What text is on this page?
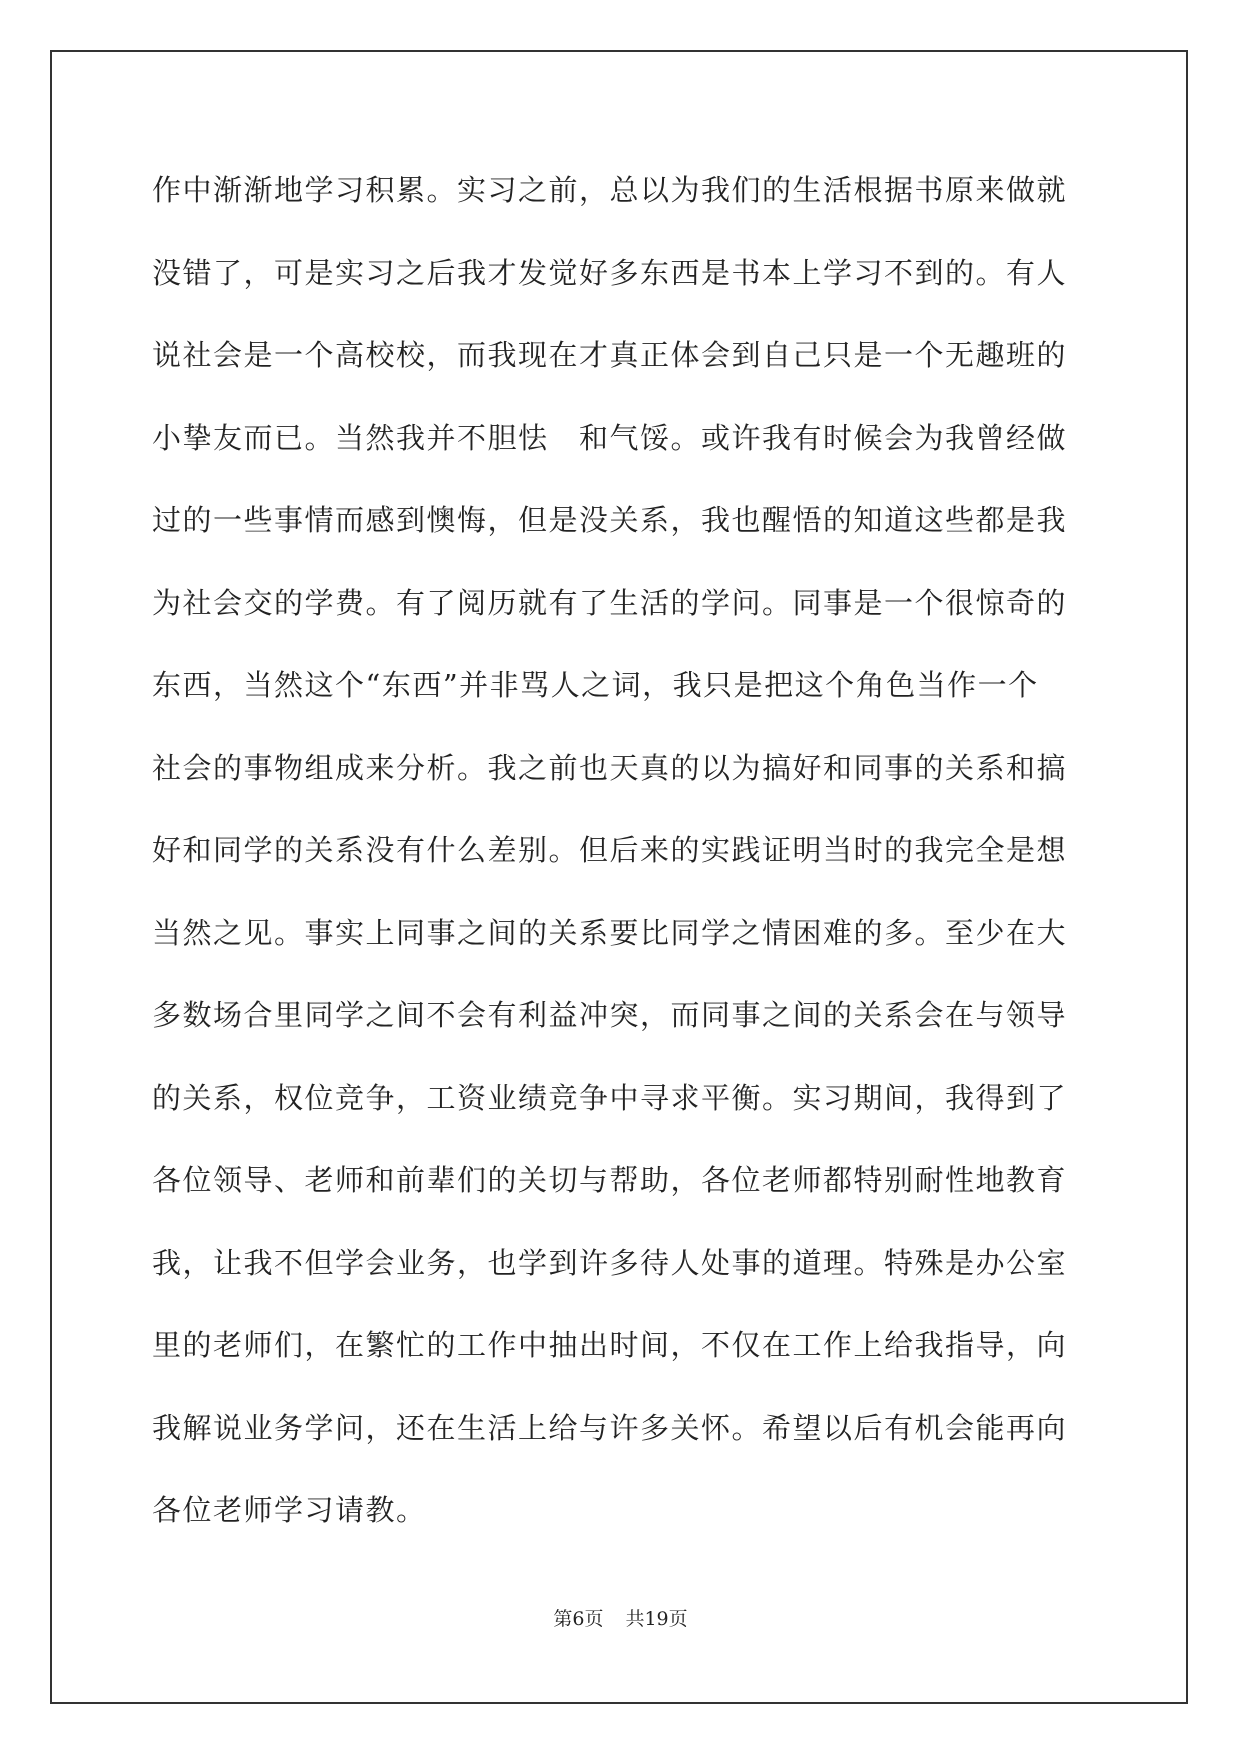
作中渐渐地学习积累。实习之前，总以为我们的生活根据书原来做就
没错了，可是实习之后我才发觉好多东西是书本上学习不到的。有人
说社会是一个高校校，而我现在才真正体会到自己只是一个无趣班的
小挚友而已。当然我并不胆怯　和气馁。或许我有时候会为我曾经做
过的一些事情而感到懊悔，但是没关系，我也醒悟的知道这些都是我
为社会交的学费。有了阅历就有了生活的学问。同事是一个很惊奇的
东西，当然这个“东西”并非骂人之词，我只是把这个角色当作一个
社会的事物组成来分析。我之前也天真的以为搞好和同事的关系和搞
好和同学的关系没有什么差别。但后来的实践证明当时的我完全是想
当然之见。事实上同事之间的关系要比同学之情困难的多。至少在大
多数场合里同学之间不会有利益冲突，而同事之间的关系会在与领导
的关系，权位竞争，工资业绩竞争中寻求平衡。实习期间，我得到了
各位领导、老师和前辈们的关切与帮助，各位老师都特别耐性地教育
我，让我不但学会业务，也学到许多待人处事的道理。特殊是办公室
里的老师们，在繁忙的工作中抽出时间，不仅在工作上给我指导，向
我解说业务学问，还在生活上给与许多关怀。希望以后有机会能再向
各位老师学习请教。
第6页 共19页
